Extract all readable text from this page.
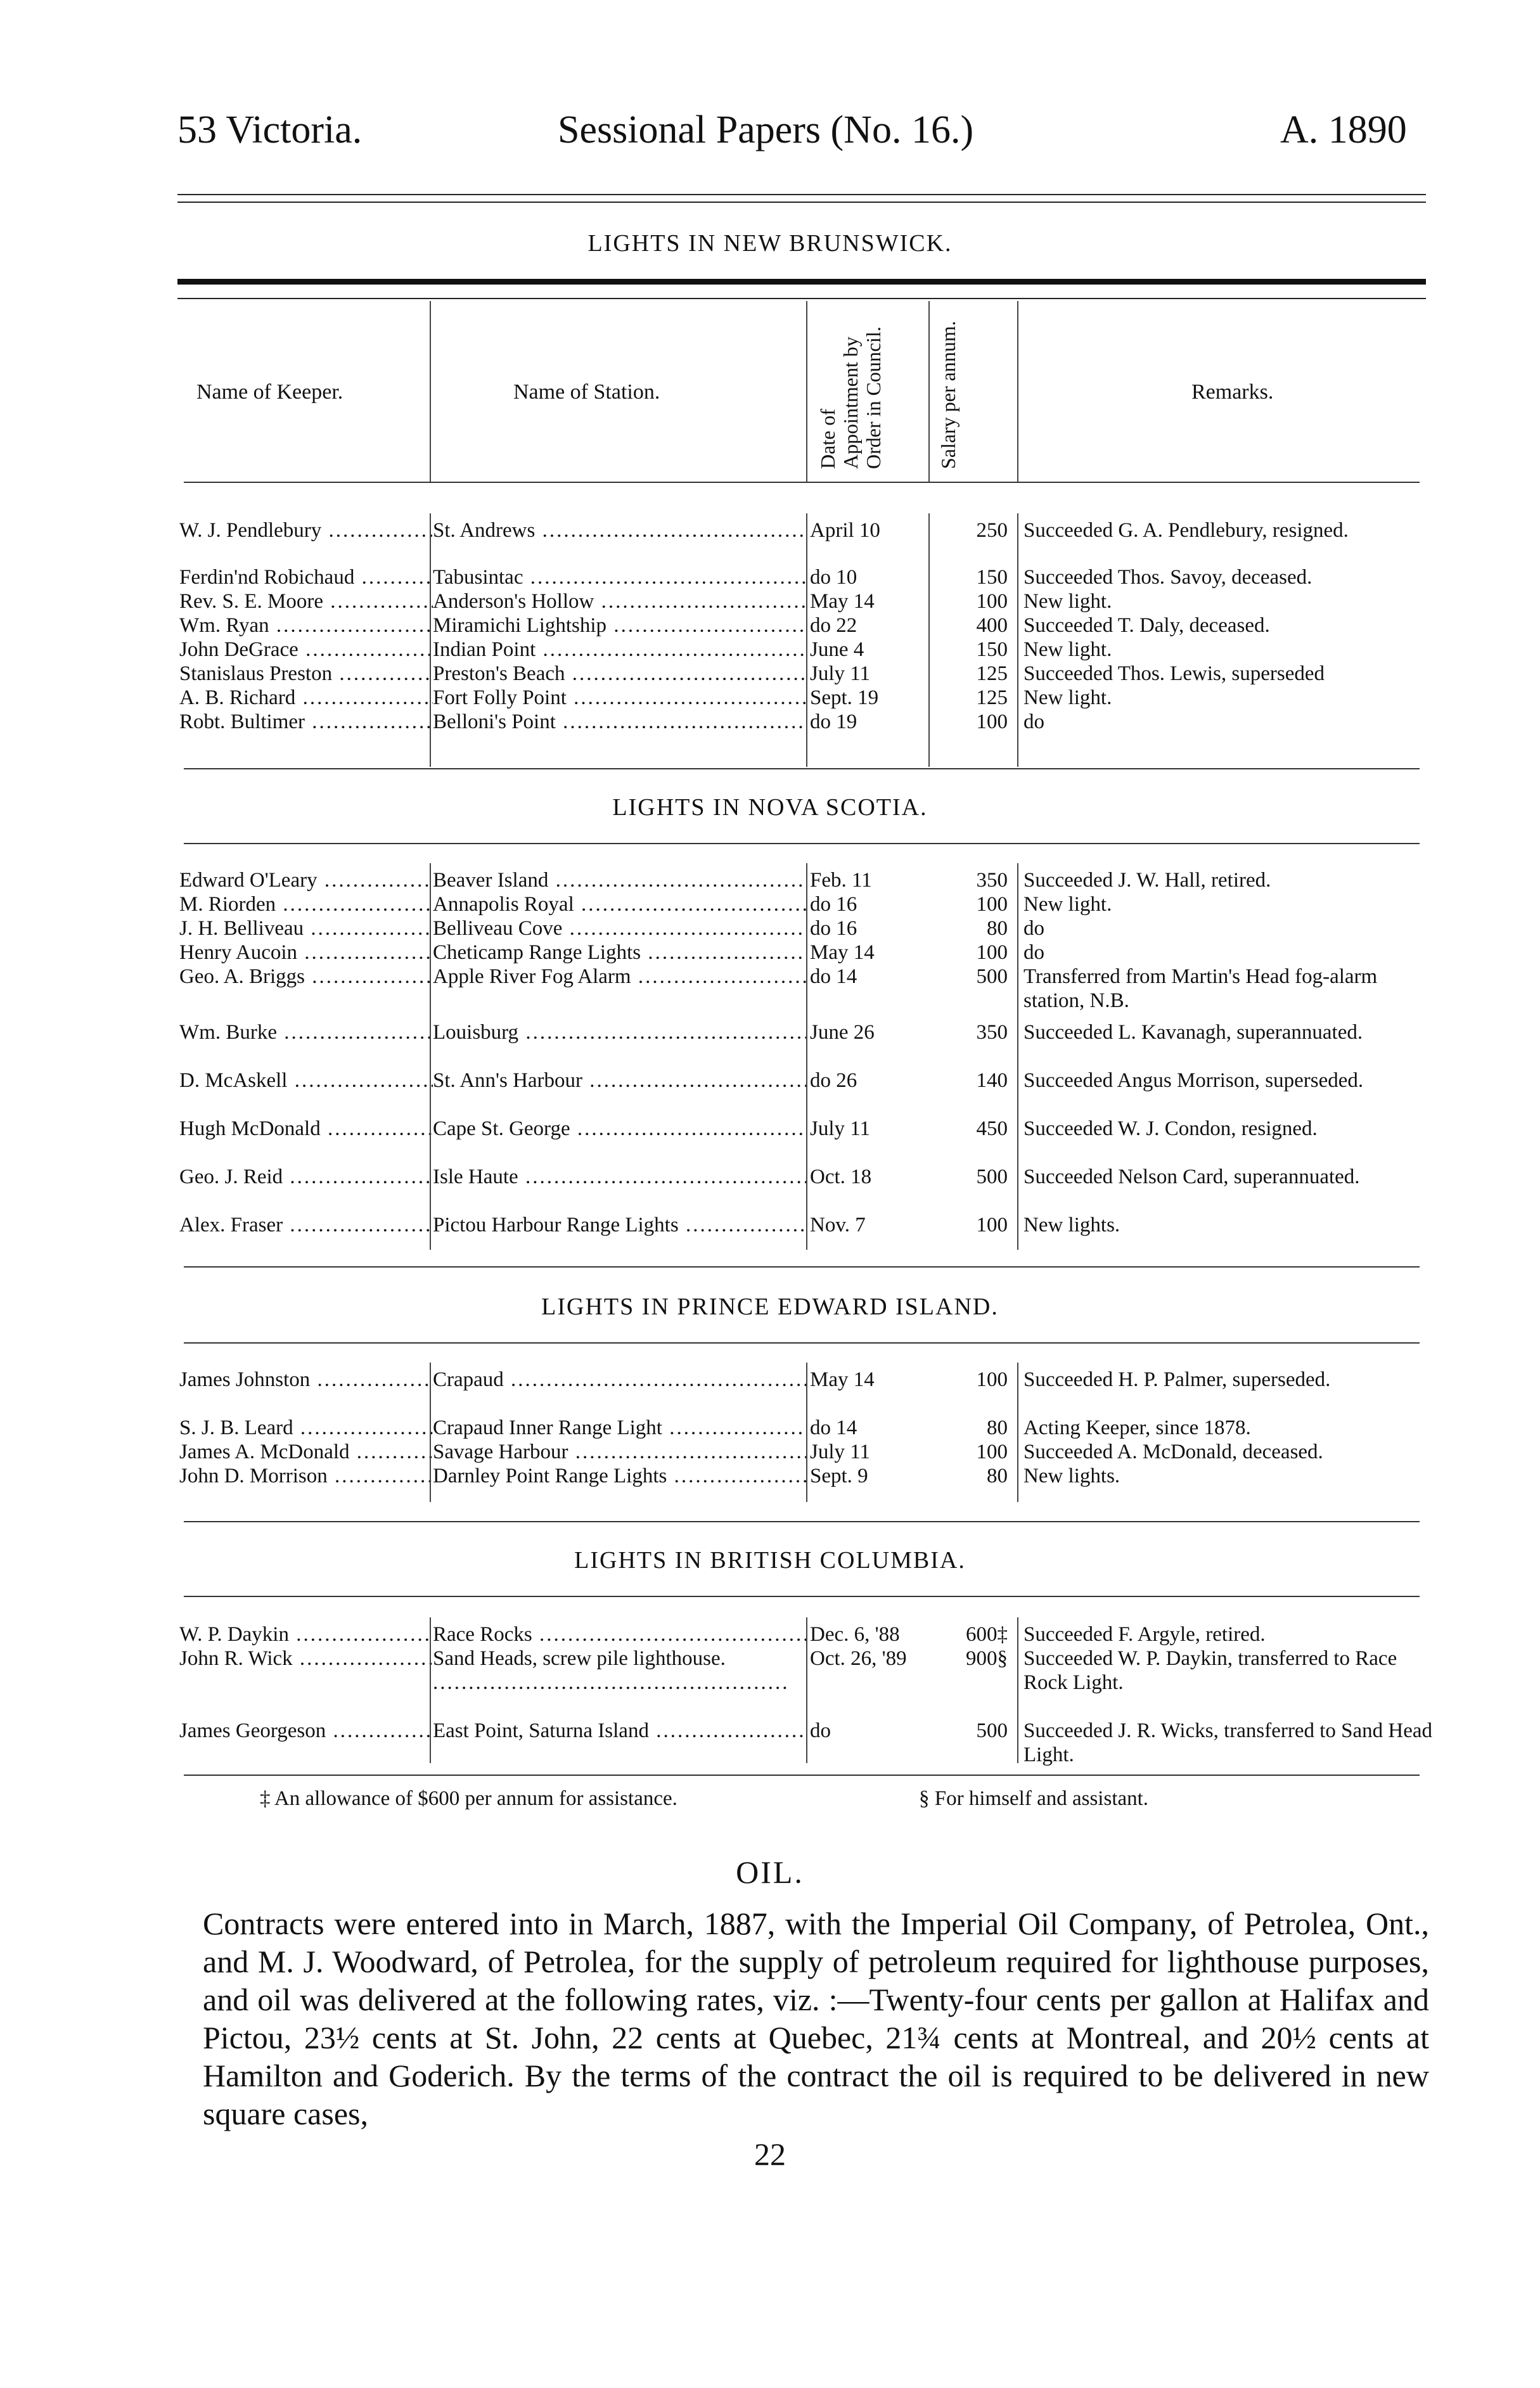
53 Victoria.	Sessional Papers (No. 16.)	A. 1890
LIGHTS IN NEW BRUNSWICK.
Name of Keeper.	Name of Station.
Date of Appointment by Order in Council.	Salary per annum.	Remarks.
W. J. Pendlebury .....	St. Andrews .....	April 10	250 Succeeded G. A. Pendlebury, resigned.
Ferdin'nd Robichaud .....	Tabusintac .....	do 10	150 Succeeded Thos. Savoy, deceased.
Rev. S. E. Moore .....	Anderson's Hollow .....	May 14	100 New light.
Wm. Ryan .....	Miramichi Lightship .....	do 22	400 Succeeded T. Daly, deceased.
John DeGrace .....	Indian Point .....	June 4	150 New light.
Stanislaus Preston .....	Preston's Beach .....	July 11	125 Succeeded Thos. Lewis, superseded
A. B. Richard .....	Fort Folly Point .....	Sept. 19	125 New light.
Robt. Bultimer .....	Belloni's Point .....	do 19	100 do
LIGHTS IN NOVA SCOTIA.
Edward O'Leary .....	Beaver Island .....	Feb. 11	350 Succeeded J. W. Hall, retired.
M. Riorden .....	Annapolis Royal .....	do 16	100 New light.
J. H. Belliveau .....	Belliveau Cove .....	do 16	80 do
Henry Aucoin .....	Cheticamp Range Lights .....	May 14	100 do
Geo. A. Briggs .....	Apple River Fog Alarm .....	do 14	500 Transferred from Martin's Head fog-alarm station, N.B.
Wm. Burke .....	Louisburg .....	June 26	350 Succeeded L. Kavanagh, superannuated.
D. McAskell .....	St. Ann's Harbour .....	do 26	140 Succeeded Angus Morrison, superseded.
Hugh McDonald .....	Cape St. George .....	July 11	450 Succeeded W. J. Condon, resigned.
Geo. J. Reid .....	Isle Haute .....	Oct. 18	500 Succeeded Nelson Card, superannuated.
Alex. Fraser .....	Pictou Harbour Range Lights .....	Nov. 7	100 New lights.
LIGHTS IN PRINCE EDWARD ISLAND.
James Johnston .....	Crapaud .....	May 14	100 Succeeded H. P. Palmer, superseded.
S. J. B. Leard .....	Crapaud Inner Range Light .....	do 14	80 Acting Keeper, since 1878.
James A. McDonald .....	Savage Harbour .....	July 11	100 Succeeded A. McDonald, deceased.
John D. Morrison .....	Darnley Point Range Lights .....	Sept. 9	80 New lights.
LIGHTS IN BRITISH COLUMBIA.
W. P. Daykin .....	Race Rocks .....	Dec. 6, '88	600‡ Succeeded F. Argyle, retired.
John R. Wick .....	Sand Heads, screw pile lighthouse. .....	Oct. 26, '89	900§ Succeeded W. P. Daykin, transferred to Race Rock Light.
James Georgeson .....	East Point, Saturna Island .....	do	500 Succeeded J. R. Wicks, transferred to Sand Head Light.
‡ An allowance of $600 per annum for assistance.	§ For himself and assistant.
OIL.
Contracts were entered into in March, 1887, with the Imperial Oil Company, of Petrolea, Ont., and M. J. Woodward, of Petrolea, for the supply of petroleum required for lighthouse purposes, and oil was delivered at the following rates, viz. :—Twenty-four cents per gallon at Halifax and Pictou, 23½ cents at St. John, 22 cents at Quebec, 21¾ cents at Montreal, and 20½ cents at Hamilton and Goderich. By the terms of the contract the oil is required to be delivered in new square cases,
22
